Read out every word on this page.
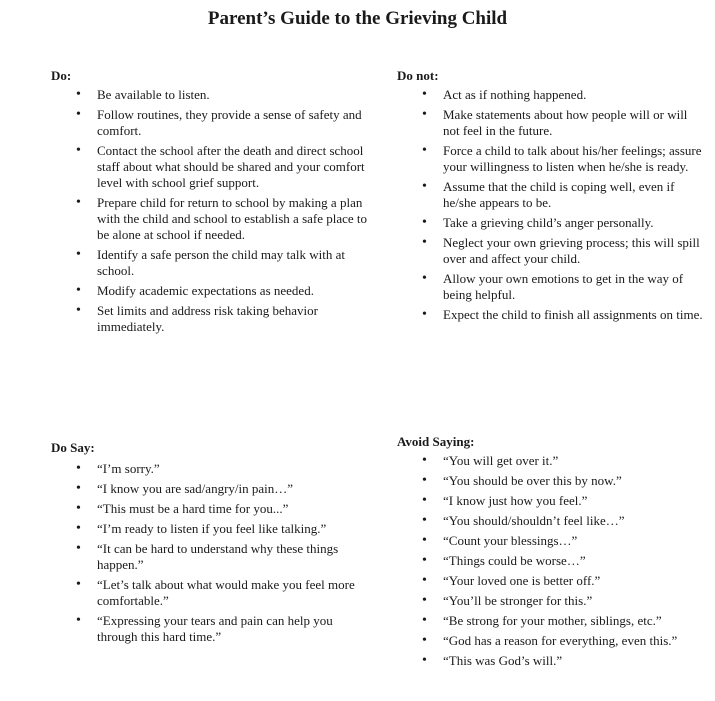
Parent’s Guide to the Grieving Child
Do:
• Be available to listen.
• Follow routines, they provide a sense of safety and comfort.
• Contact the school after the death and direct school staff about what should be shared and your comfort level with school grief support.
• Prepare child for return to school by making a plan with the child and school to establish a safe place to be alone at school if needed.
• Identify a safe person the child may talk with at school.
• Modify academic expectations as needed.
• Set limits and address risk taking behavior immediately.
Do not:
• Act as if nothing happened.
• Make statements about how people will or will not feel in the future.
• Force a child to talk about his/her feelings; assure your willingness to listen when he/she is ready.
• Assume that the child is coping well, even if he/she appears to be.
• Take a grieving child’s anger personally.
• Neglect your own grieving process; this will spill over and affect your child.
• Allow your own emotions to get in the way of being helpful.
• Expect the child to finish all assignments on time.
Do Say:
• “I’m sorry.”
• “I know you are sad/angry/in pain…”
• “This must be a hard time for you...”
• “I’m ready to listen if you feel like talking.”
• “It can be hard to understand why these things happen.”
• “Let’s talk about what would make you feel more comfortable.”
• “Expressing your tears and pain can help you through this hard time.”
Avoid Saying:
• “You will get over it.”
• “You should be over this by now.”
• “I know just how you feel.”
• “You should/shouldn’t feel like…”
• “Count your blessings…”
• “Things could be worse…”
• “Your loved one is better off.”
• “You’ll be stronger for this.”
• “Be strong for your mother, siblings, etc.”
• “God has a reason for everything, even this.”
• “This was God’s will.”
